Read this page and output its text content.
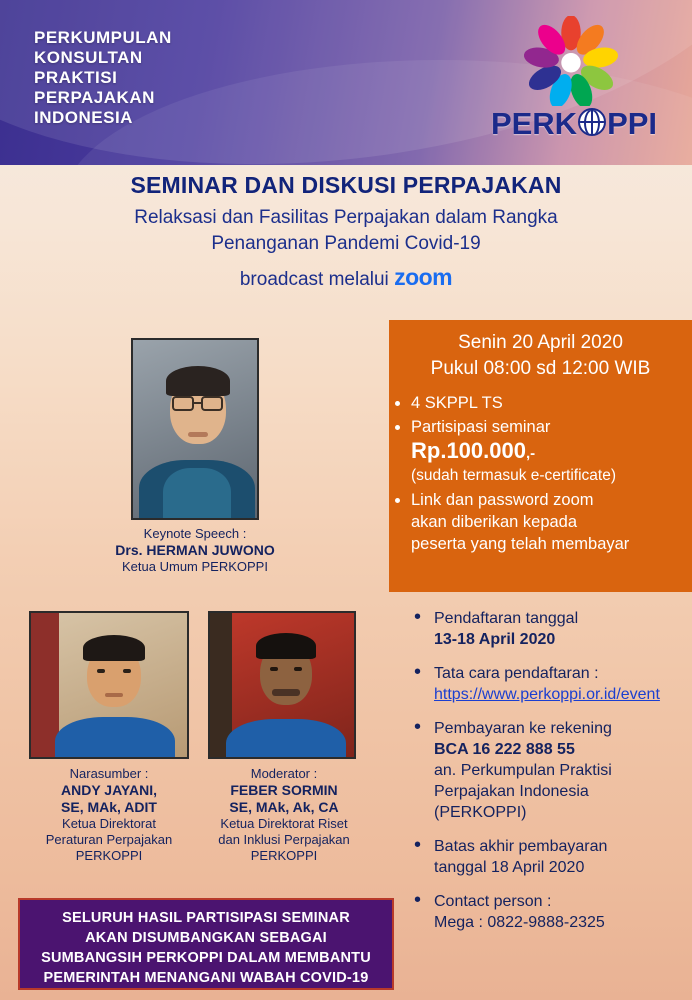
PERKUMPULAN
KONSULTAN
PRAKTISI
PERPAJAKAN
INDONESIA	PERK PPI
SEMINAR DAN DISKUSI PERPAJAKAN
Relaksasi dan Fasilitas Perpajakan dalam Rangka
Penanganan Pandemi Covid-19
broadcast melalui zoom
Keynote Speech :
Drs. HERMAN JUWONO
Ketua Umum PERKOPPI
Narasumber :
ANDY JAYANI,
SE, MAk, ADIT
Ketua Direktorat
Peraturan Perpajakan
PERKOPPI
Moderator :
FEBER SORMIN
SE, MAk, Ak, CA
Ketua Direktorat Riset
dan Inklusi Perpajakan
PERKOPPI
Senin 20 April 2020
Pukul 08:00 sd 12:00 WIB
• 4 SKPPL TS
• Partisipasi seminar
Rp.100.000,-
(sudah termasuk e-certificate)
• Link dan password zoom
akan diberikan kepada
peserta yang telah membayar
• Pendaftaran tanggal
13-18 April 2020
• Tata cara pendaftaran :
https://www.perkoppi.or.id/event
• Pembayaran ke rekening
BCA 16 222 888 55
an. Perkumpulan Praktisi
Perpajakan Indonesia
(PERKOPPI)
• Batas akhir pembayaran
tanggal 18 April 2020
• Contact person :
Mega : 0822-9888-2325
SELURUH HASIL PARTISIPASI SEMINAR
AKAN DISUMBANGKAN SEBAGAI
SUMBANGSIH PERKOPPI DALAM MEMBANTU
PEMERINTAH MENANGANI WABAH COVID-19
